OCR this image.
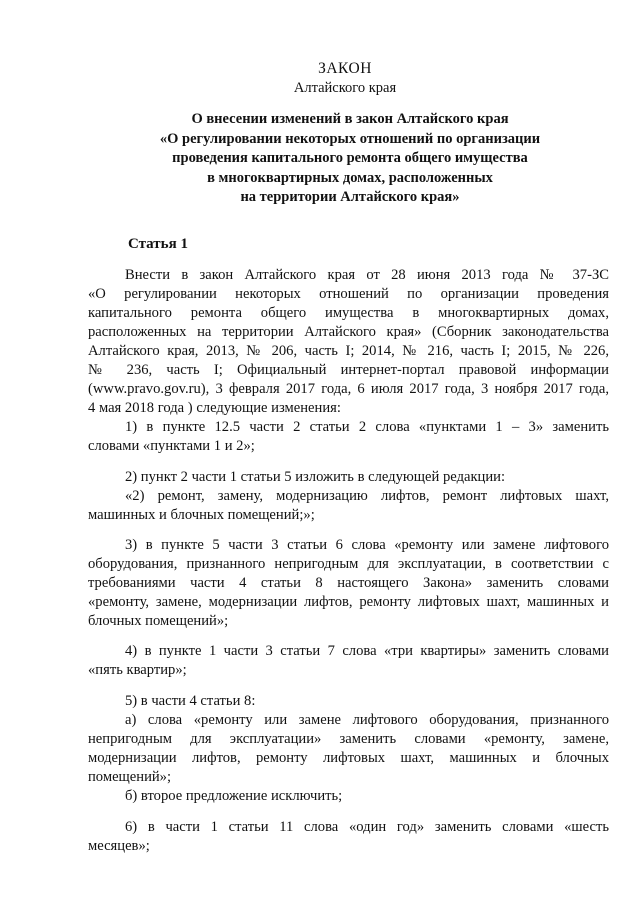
ЗАКОН
Алтайского края
О внесении изменений в закон Алтайского края
«О регулировании некоторых отношений по организации
проведения капитального ремонта общего имущества
в многоквартирных домах, расположенных
на территории Алтайского края»
Статья 1
Внести в закон Алтайского края от 28 июня 2013 года № 37-ЗС
«О регулировании некоторых отношений по организации проведения
капитального ремонта общего имущества в многоквартирных домах,
расположенных на территории Алтайского края» (Сборник законодательства
Алтайского края, 2013, № 206, часть I; 2014, № 216, часть I; 2015, № 226,
№ 236, часть I; Официальный интернет-портал правовой информации
(www.pravo.gov.ru), 3 февраля 2017 года, 6 июля 2017 года, 3 ноября 2017 года,
4 мая 2018 года ) следующие изменения:
1) в пункте 12.5 части 2 статьи 2 слова «пунктами 1 – 3» заменить
словами «пунктами 1 и 2»;
2) пункт 2 части 1 статьи 5 изложить в следующей редакции:
«2) ремонт, замену, модернизацию лифтов, ремонт лифтовых шахт,
машинных и блочных помещений;»;
3) в пункте 5 части 3 статьи 6 слова «ремонту или замене лифтового
оборудования, признанного непригодным для эксплуатации, в соответствии с
требованиями части 4 статьи 8 настоящего Закона» заменить словами
«ремонту, замене, модернизации лифтов, ремонту лифтовых шахт, машинных и
блочных помещений»;
4) в пункте 1 части 3 статьи 7 слова «три квартиры» заменить словами
«пять квартир»;
5) в части 4 статьи 8:
а) слова «ремонту или замене лифтового оборудования, признанного
непригодным для эксплуатации» заменить словами «ремонту, замене,
модернизации лифтов, ремонту лифтовых шахт, машинных и блочных
помещений»;
б) второе предложение исключить;
6) в части 1 статьи 11 слова «один год» заменить словами «шесть
месяцев»;
